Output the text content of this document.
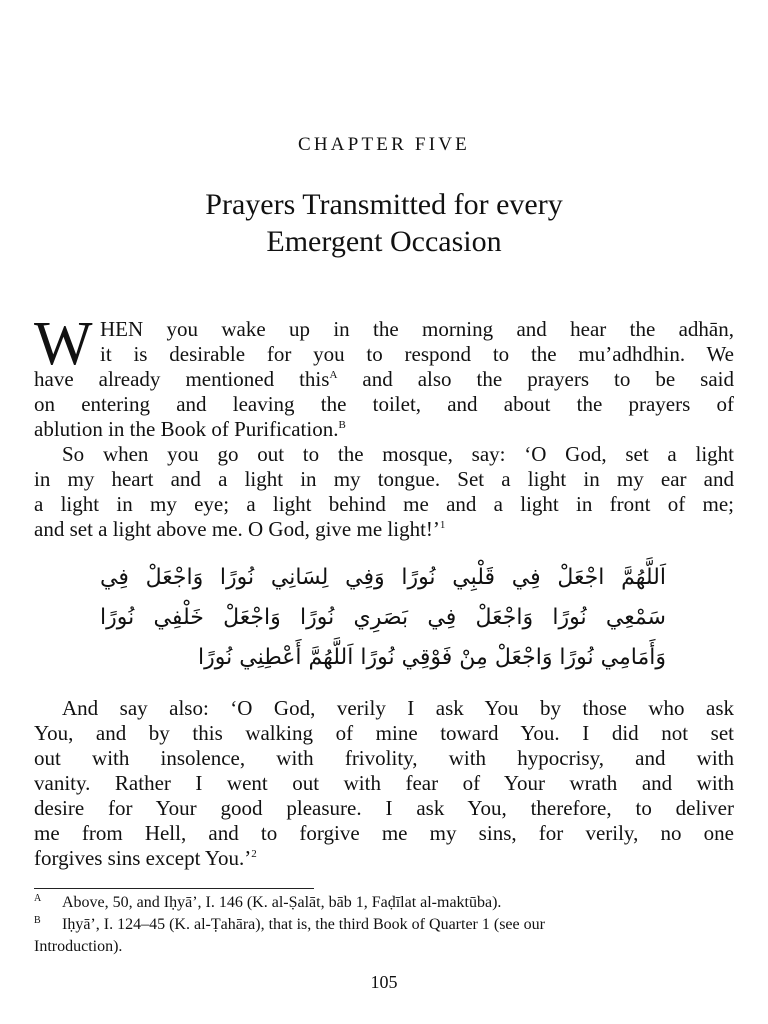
CHAPTER FIVE
Prayers Transmitted for every
Emergent Occasion
W HEN you wake up in the morning and hear the adhān,
it is desirable for you to respond to the mu’adhdhin. We
have already mentioned this$^A$ and also the prayers to be said
on entering and leaving the toilet, and about the prayers of
ablution in the Book of Purification.$^B$
So when you go out to the mosque, say: ‘O God, set a light
in my heart and a light in my tongue. Set a light in my ear and
a light in my eye; a light behind me and a light in front of me;
and set a light above me. O God, give me light!’$^1$
اَللَّهُمَّ اجْعَلْ فِي قَلْبِي نُورًا وَفِي لِسَانِي نُورًا وَاجْعَلْ فِي
سَمْعِي نُورًا وَاجْعَلْ فِي بَصَرِي نُورًا وَاجْعَلْ خَلْفِي نُورًا
وَأَمَامِي نُورًا وَاجْعَلْ مِنْ فَوْقِي نُورًا اَللَّهُمَّ أَعْطِنِي نُورًا
And say also: ‘O God, verily I ask You by those who ask
You, and by this walking of mine toward You. I did not set
out with insolence, with frivolity, with hypocrisy, and with
vanity. Rather I went out with fear of Your wrath and with
desire for Your good pleasure. I ask You, therefore, to deliver
me from Hell, and to forgive me my sins, for verily, no one
forgives sins except You.’$^2$
A Above, 50, and Iḥyā’, I. 146 (K. al-Ṣalāt, bāb 1, Faḍīlat al-maktūba).
B Iḥyā’, I. 124–45 (K. al-Ṭahāra), that is, the third Book of Quarter 1 (see our
Introduction).
105
